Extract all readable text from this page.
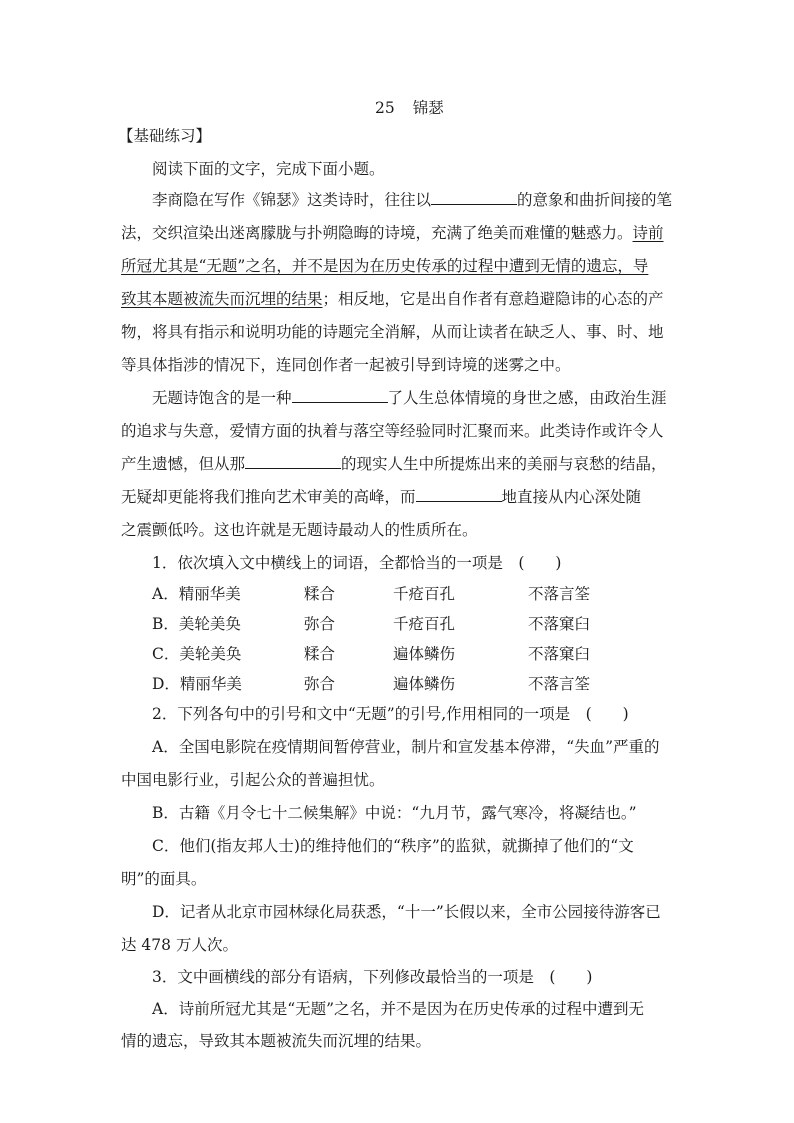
25 锦瑟
【基础练习】
阅读下面的文字，完成下面小题。
李商隐在写作《锦瑟》这类诗时，往往以	的意象和曲折间接的笔
法，交织渲染出迷离朦胧与扑朔隐晦的诗境，充满了绝美而难懂的魅惑力。诗前
所冠尤其是“无题”之名，并不是因为在历史传承的过程中遭到无情的遗忘，导
致其本题被流失而沉埋的结果；相反地，它是出自作者有意趋避隐讳的心态的产
物，将具有指示和说明功能的诗题完全消解，从而让读者在缺乏人、事、时、地
等具体指涉的情况下，连同创作者一起被引导到诗境的迷雾之中。
无题诗饱含的是一种	了人生总体情境的身世之感，由政治生涯
的追求与失意，爱情方面的执着与落空等经验同时汇聚而来。此类诗作或许令人
产生遗憾，但从那	的现实人生中所提炼出来的美丽与哀愁的结晶，
无疑却更能将我们推向艺术审美的高峰，而	地直接从内心深处随
之震颤低吟。这也许就是无题诗最动人的性质所在。
1．依次填入文中横线上的词语，全都恰当的一项是　(　　)
A．精丽华美	糅合	千疮百孔	不落言筌
B．美轮美奂	弥合	千疮百孔	不落窠臼
C．美轮美奂	糅合	遍体鳞伤	不落窠臼
D．精丽华美	弥合	遍体鳞伤	不落言筌
2．下列各句中的引号和文中“无题”的引号,作用相同的一项是　(　　)
A．全国电影院在疫情期间暂停营业，制片和宣发基本停滞，“失血”严重的
中国电影行业，引起公众的普遍担忧。
B．古籍《月令七十二候集解》中说：“九月节，露气寒冷，将凝结也。”
C．他们(指友邦人士)的维持他们的“秩序”的监狱，就撕掉了他们的“文
明”的面具。
D．记者从北京市园林绿化局获悉，“十一”长假以来，全市公园接待游客已
达 478 万人次。
3．文中画横线的部分有语病，下列修改最恰当的一项是　(　　)
A．诗前所冠尤其是“无题”之名，并不是因为在历史传承的过程中遭到无
情的遗忘，导致其本题被流失而沉埋的结果。
